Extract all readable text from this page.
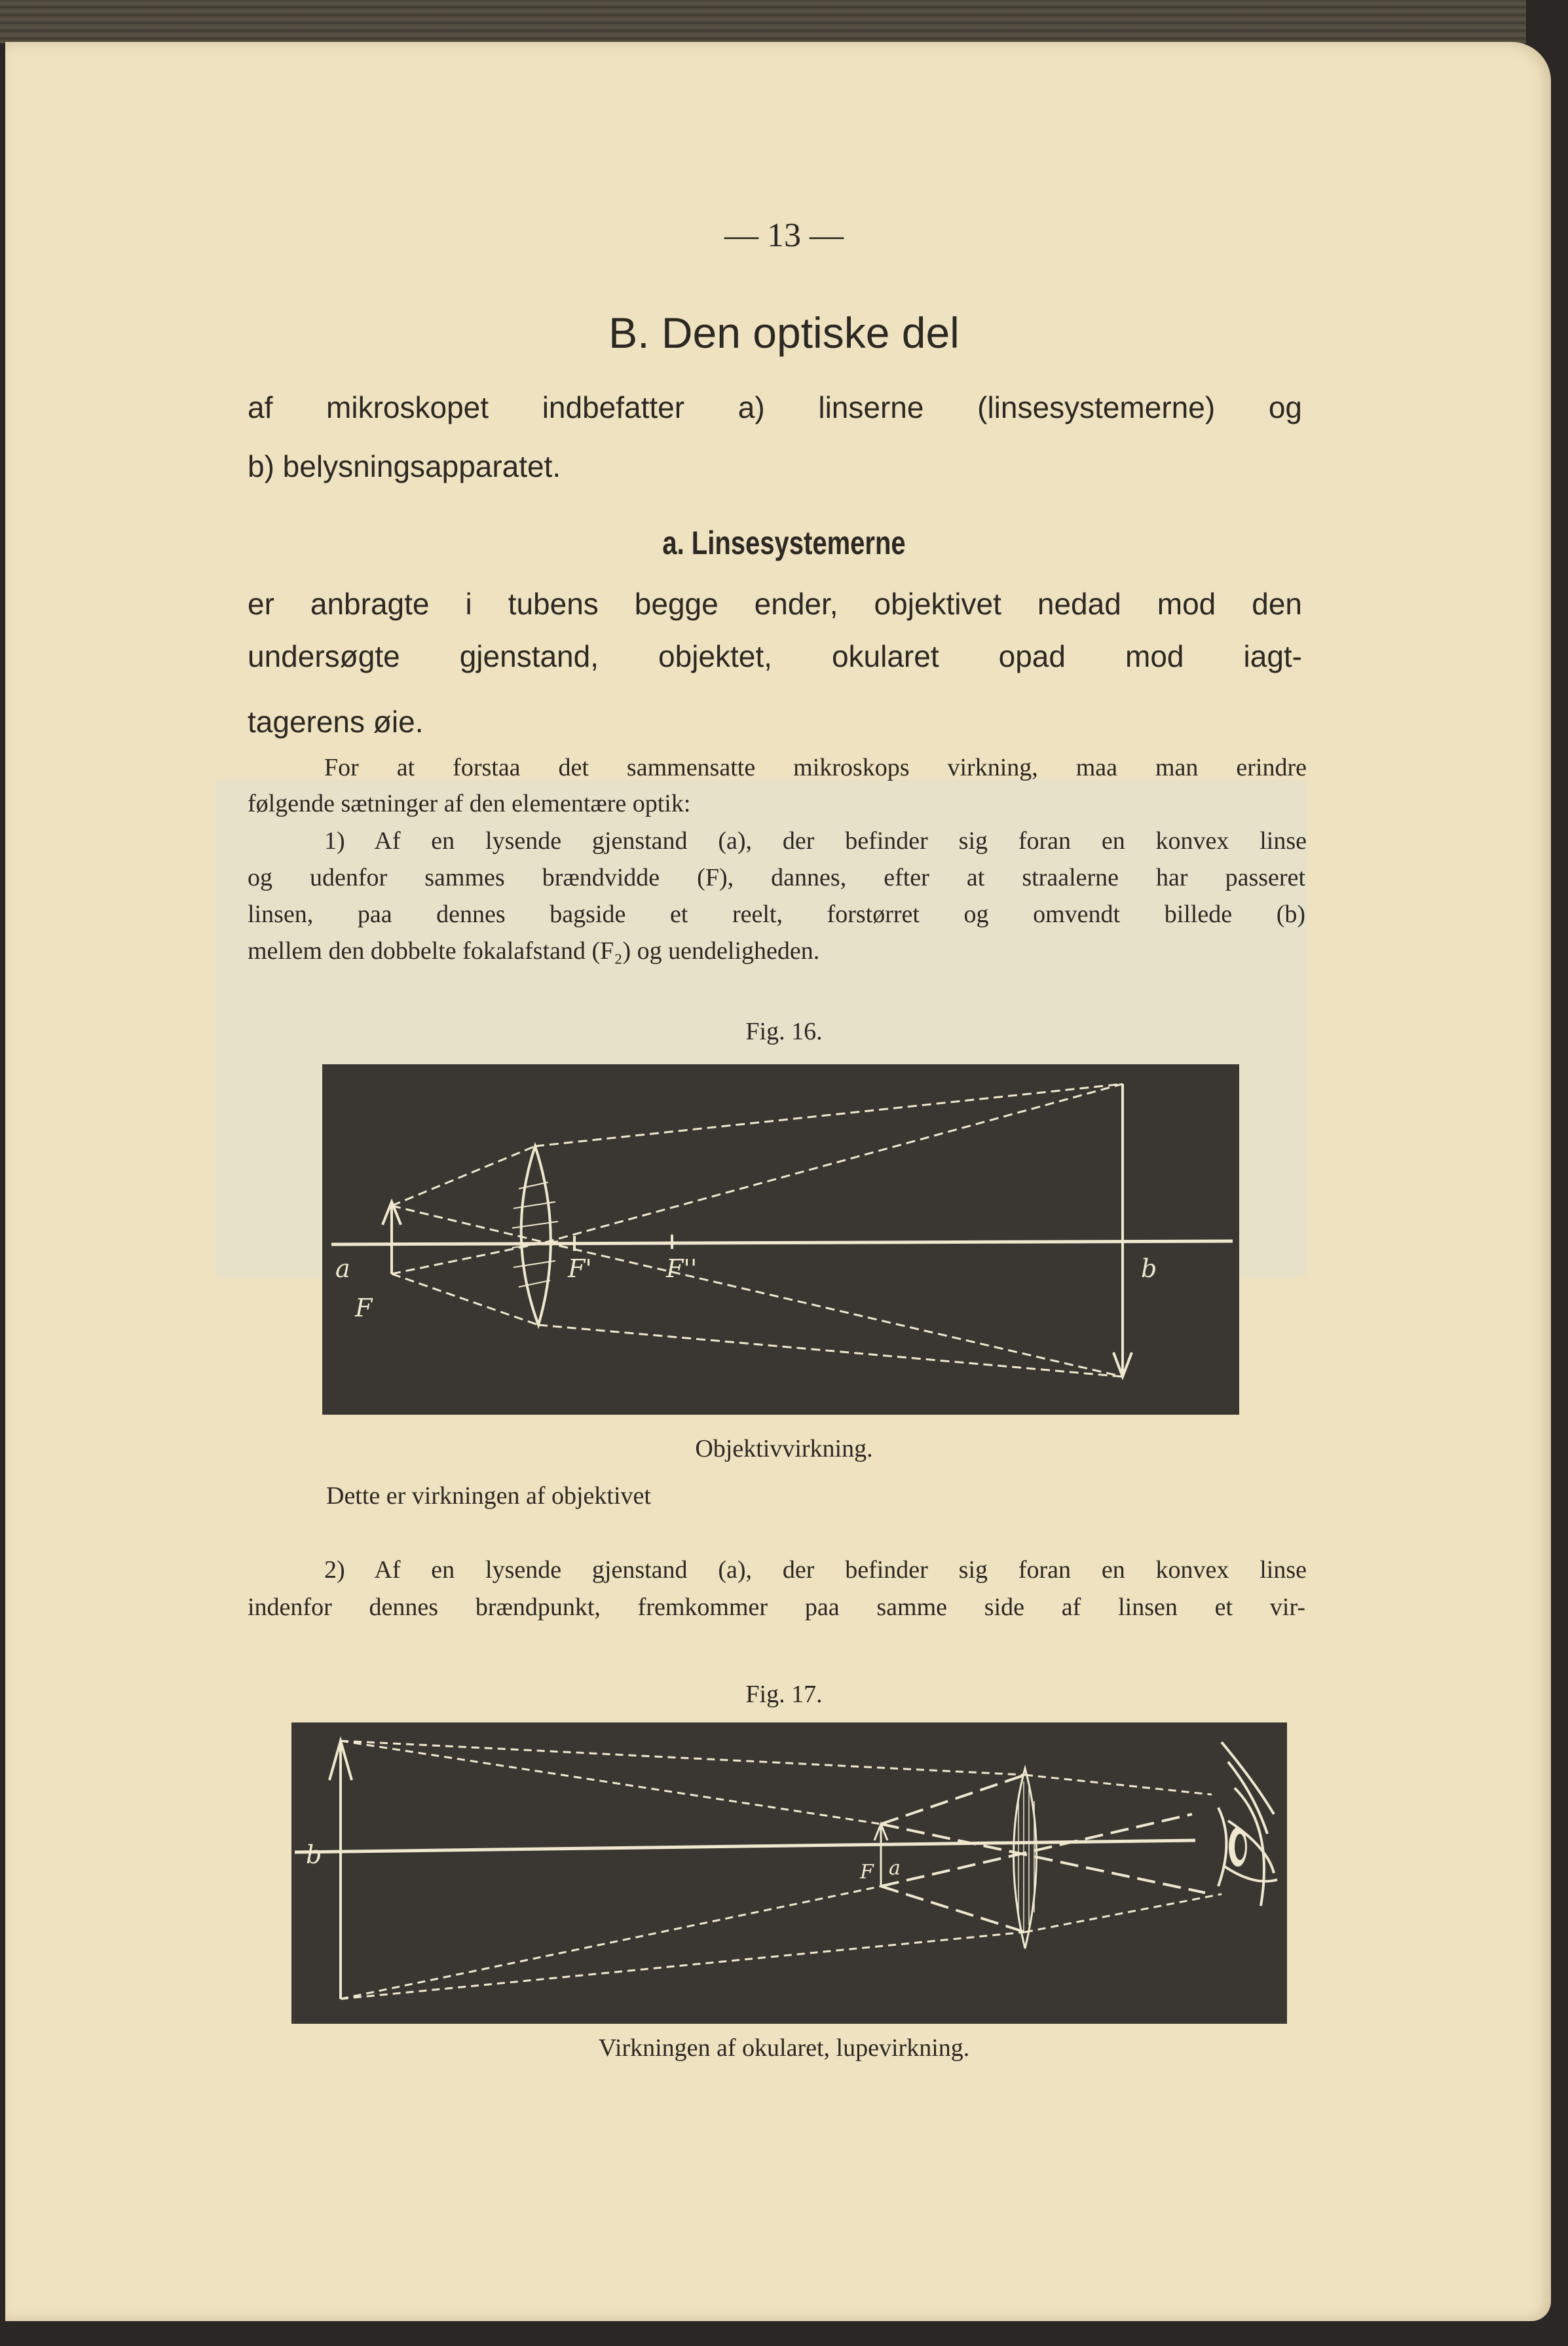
— 13 —
B. Den optiske del
af mikroskopet indbefatter a) linserne (linsesystemerne) og
b) belysningsapparatet.
a. Linsesystemerne
er anbragte i tubens begge ender, objektivet nedad mod den
undersøgte gjenstand, objektet, okularet opad mod iagt-
tagerens øie.
For at forstaa det sammensatte mikroskops virkning, maa man erindre
følgende sætninger af den elementære optik:
1) Af en lysende gjenstand (a), der befinder sig foran en konvex linse
og udenfor sammes brændvidde (F), dannes, efter at straalerne har passeret
linsen, paa dennes bagside et reelt, forstørret og omvendt billede (b)
mellem den dobbelte fokalafstand (F₂) og uendeligheden.
Fig. 16.
a
F
F'	F''	b
Objektivvirkning.
Dette er virkningen af objektivet
2) Af en lysende gjenstand (a), der befinder sig foran en konvex linse
indenfor dennes brændpunkt, fremkommer paa samme side af linsen et vir-
Fig. 17.
b
F a
Virkningen af okularet, lupevirkning.
